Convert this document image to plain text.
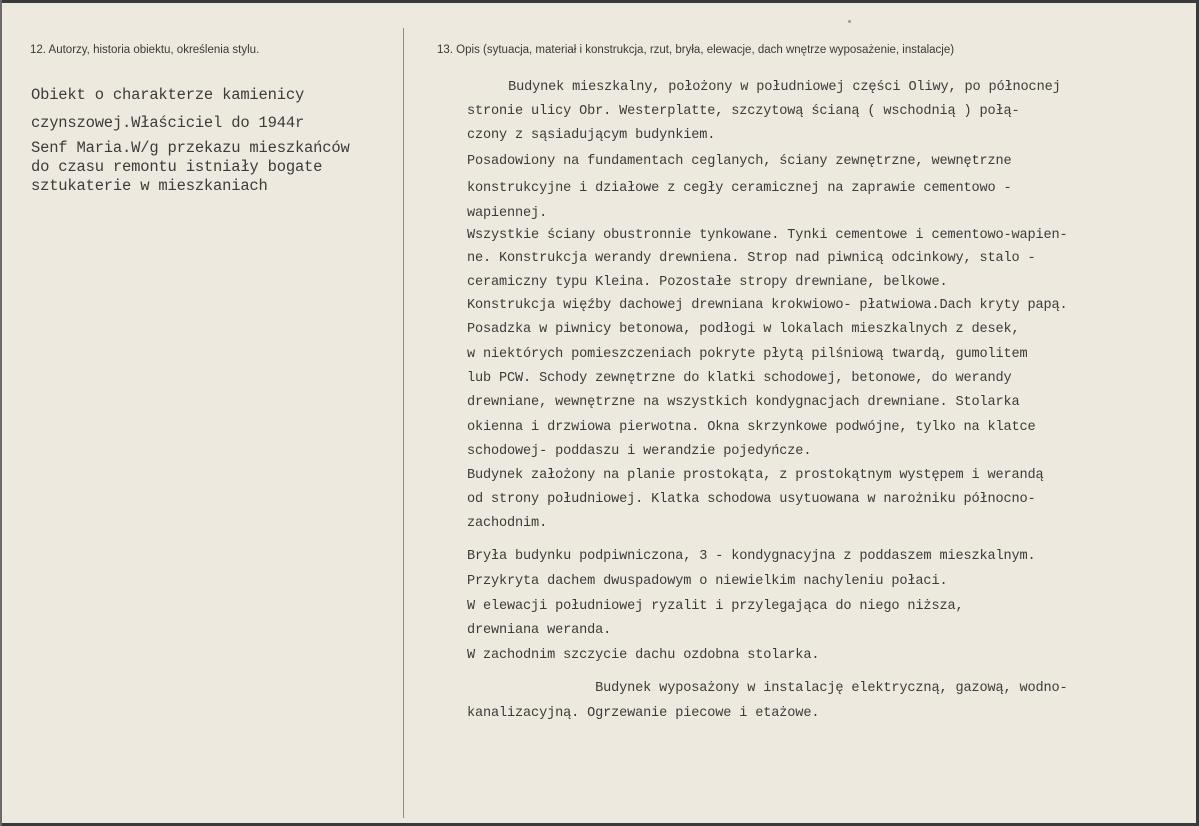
12. Autorzy, historia obiektu, określenia stylu.	13. Opis (sytuacja, materiał i konstrukcja, rzut, bryła, elewacje, dach wnętrze wyposażenie, instalacje)
Obiekt o charakterze kamienicy
czynszowej.Właściciel do 1944r
Senf Maria.W/g przekazu mieszkańców
do czasu remontu istniały bogate
sztukaterie w mieszkaniach
Budynek mieszkalny, położony w południowej części Oliwy, po północnej
stronie ulicy Obr. Westerplatte, szczytową ścianą ( wschodnią ) połą-
czony z sąsiadującym budynkiem.
Posadowiony na fundamentach ceglanych, ściany zewnętrzne, wewnętrzne
konstrukcyjne i działowe z cegły ceramicznej na zaprawie cementowo -
wapiennej.
Wszystkie ściany obustronnie tynkowane. Tynki cementowe i cementowo-wapien-
ne. Konstrukcja werandy drewniena. Strop nad piwnicą odcinkowy, stalo -
ceramiczny typu Kleina. Pozostałe stropy drewniane, belkowe.
Konstrukcja więźby dachowej drewniana krokwiowo- płatwiowa.Dach kryty papą.
Posadzka w piwnicy betonowa, podłogi w lokalach mieszkalnych z desek,
w niektórych pomieszczeniach pokryte płytą pilśniową twardą, gumolitem
lub PCW. Schody zewnętrzne do klatki schodowej, betonowe, do werandy
drewniane, wewnętrzne na wszystkich kondygnacjach drewniane. Stolarka
okienna i drzwiowa pierwotna. Okna skrzynkowe podwójne, tylko na klatce
schodowej- poddaszu i werandzie pojedyńcze.
Budynek założony na planie prostokąta, z prostokątnym występem i werandą
od strony południowej. Klatka schodowa usytuowana w narożniku północno-
zachodnim.
Bryła budynku podpiwniczona, 3 - kondygnacyjna z poddaszem mieszkalnym.
Przykryta dachem dwuspadowym o niewielkim nachyleniu połaci.
W elewacji południowej ryzalit i przylegająca do niego niższa,
drewniana weranda.
W zachodnim szczycie dachu ozdobna stolarka.
Budynek wyposażony w instalację elektryczną, gazową, wodno-
kanalizacyjną. Ogrzewanie piecowe i etażowe.
